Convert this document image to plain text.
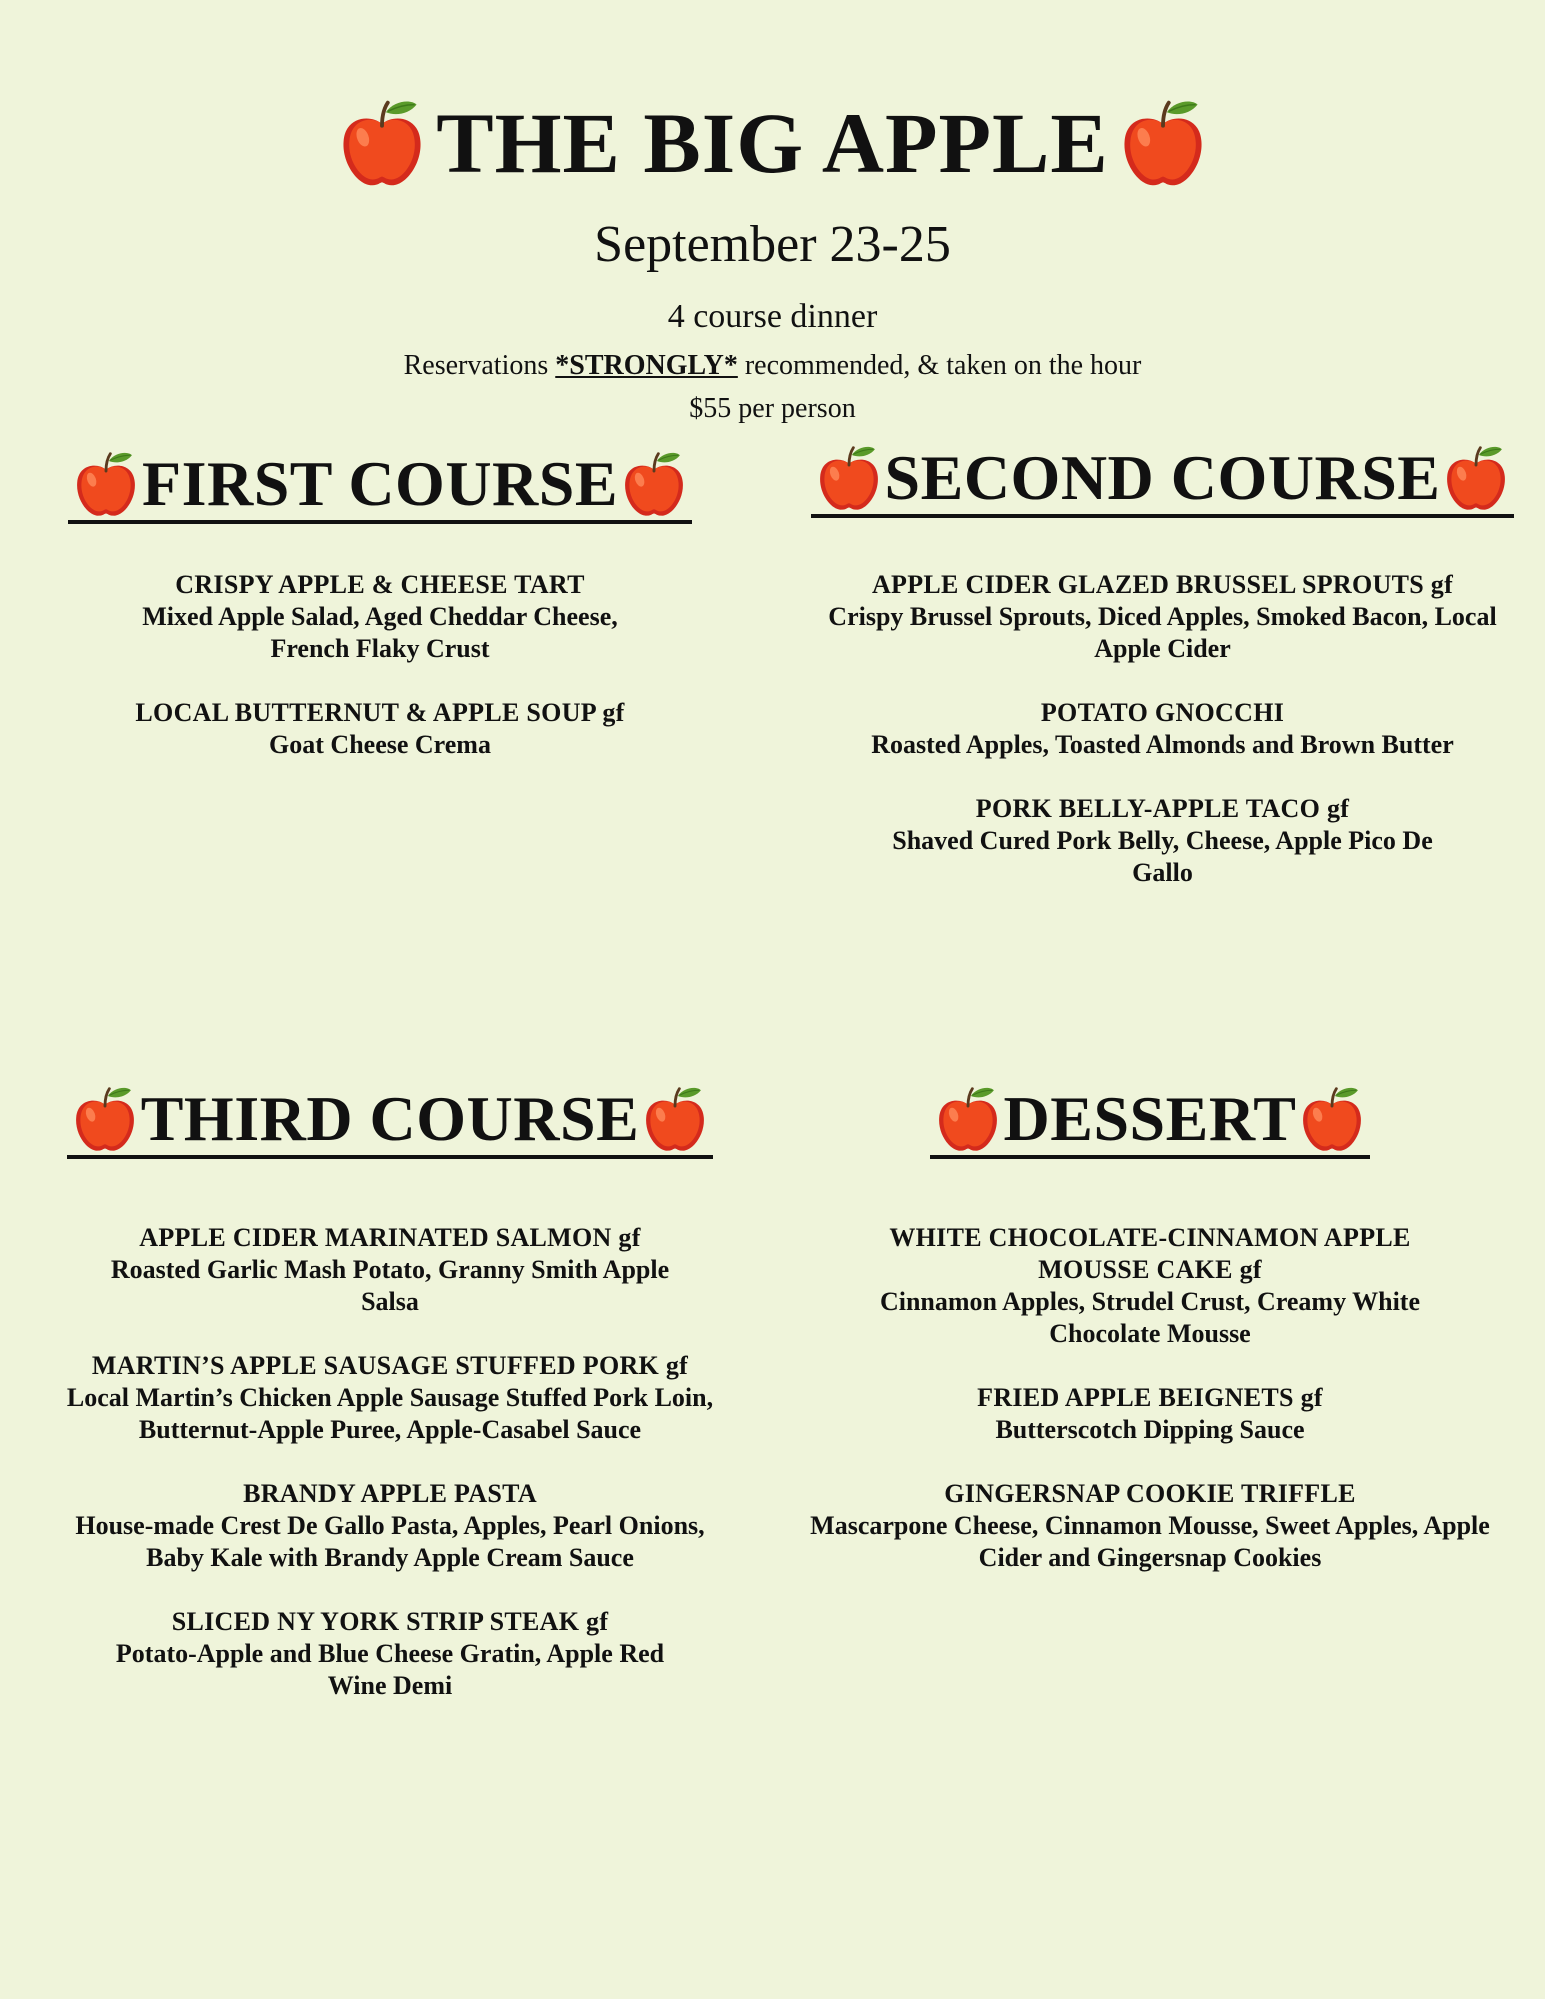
THE BIG APPLE
September 23-25
4 course dinner
Reservations *STRONGLY* recommended, & taken on the hour
$55 per person
FIRST COURSE
CRISPY APPLE & CHEESE TART
Mixed Apple Salad, Aged Cheddar Cheese, French Flaky Crust
LOCAL BUTTERNUT & APPLE SOUP gf
Goat Cheese Crema
SECOND COURSE
APPLE CIDER GLAZED BRUSSEL SPROUTS gf
Crispy Brussel Sprouts, Diced Apples, Smoked Bacon, Local Apple Cider
POTATO GNOCCHI
Roasted Apples, Toasted Almonds and Brown Butter
PORK BELLY-APPLE TACO gf
Shaved Cured Pork Belly, Cheese, Apple Pico De Gallo
THIRD COURSE
APPLE CIDER MARINATED SALMON gf
Roasted Garlic Mash Potato, Granny Smith Apple Salsa
MARTIN’S APPLE SAUSAGE STUFFED PORK gf
Local Martin’s Chicken Apple Sausage Stuffed Pork Loin, Butternut-Apple Puree, Apple-Casabel Sauce
BRANDY APPLE PASTA
House-made Crest De Gallo Pasta, Apples, Pearl Onions, Baby Kale with Brandy Apple Cream Sauce
SLICED NY YORK STRIP STEAK gf
Potato-Apple and Blue Cheese Gratin, Apple Red Wine Demi
DESSERT
WHITE CHOCOLATE-CINNAMON APPLE MOUSSE CAKE gf
Cinnamon Apples, Strudel Crust, Creamy White Chocolate Mousse
FRIED APPLE BEIGNETS gf
Butterscotch Dipping Sauce
GINGERSNAP COOKIE TRIFFLE
Mascarpone Cheese, Cinnamon Mousse, Sweet Apples, Apple Cider and Gingersnap Cookies
